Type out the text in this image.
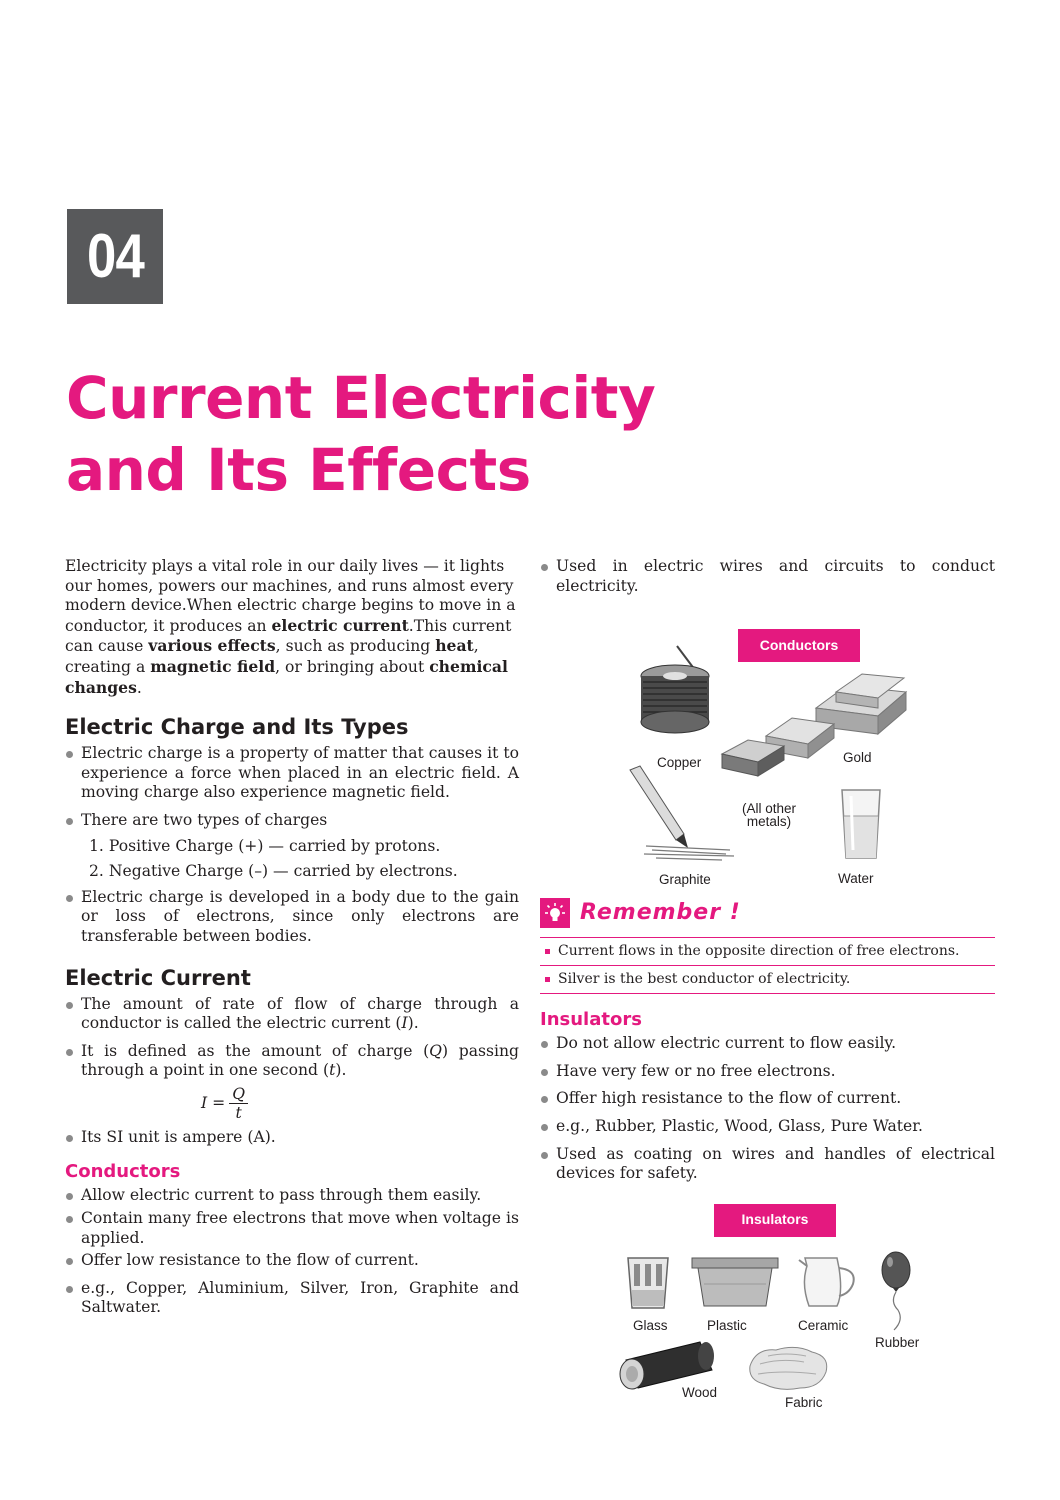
04
Current Electricity
and Its Effects

Electricity plays a vital role in our daily lives — it lights our homes, powers our machines, and runs almost every modern device.When electric charge begins to move in a conductor, it produces an electric current.This current can cause various effects, such as producing heat, creating a magnetic field, or bringing about chemical changes.

Electric Charge and Its Types
Electric charge is a property of matter that causes it to experience a force when placed in an electric field. A moving charge also experience magnetic field.
There are two types of charges
1. Positive Charge (+) — carried by protons.
2. Negative Charge (–) — carried by electrons.
Electric charge is developed in a body due to the gain or loss of electrons, since only electrons are transferable between bodies.
Electric Current
The amount of rate of flow of charge through a conductor is called the electric current (I).
It is defined as the amount of charge (Q) passing through a point in one second (t).
$I = \frac{Q}{t}$
Its SI unit is ampere (A).
Conductors
Allow electric current to pass through them easily.
Contain many free electrons that move when voltage is applied.
Offer low resistance to the flow of current.
e.g., Copper, Aluminium, Silver, Iron, Graphite and Saltwater.
Used in electric wires and circuits to conduct electricity.
Conductors
Copper	Gold
(All other
metals)
Graphite	Water
Remember !
Current flows in the opposite direction of free electrons.
Silver is the best conductor of electricity.
Insulators
Do not allow electric current to flow easily.
Have very few or no free electrons.
Offer high resistance to the flow of current.
e.g., Rubber, Plastic, Wood, Glass, Pure Water.
Used as coating on wires and handles of electrical devices for safety.
Insulators
Glass	Plastic	Ceramic
Rubber
Wood
Fabric
